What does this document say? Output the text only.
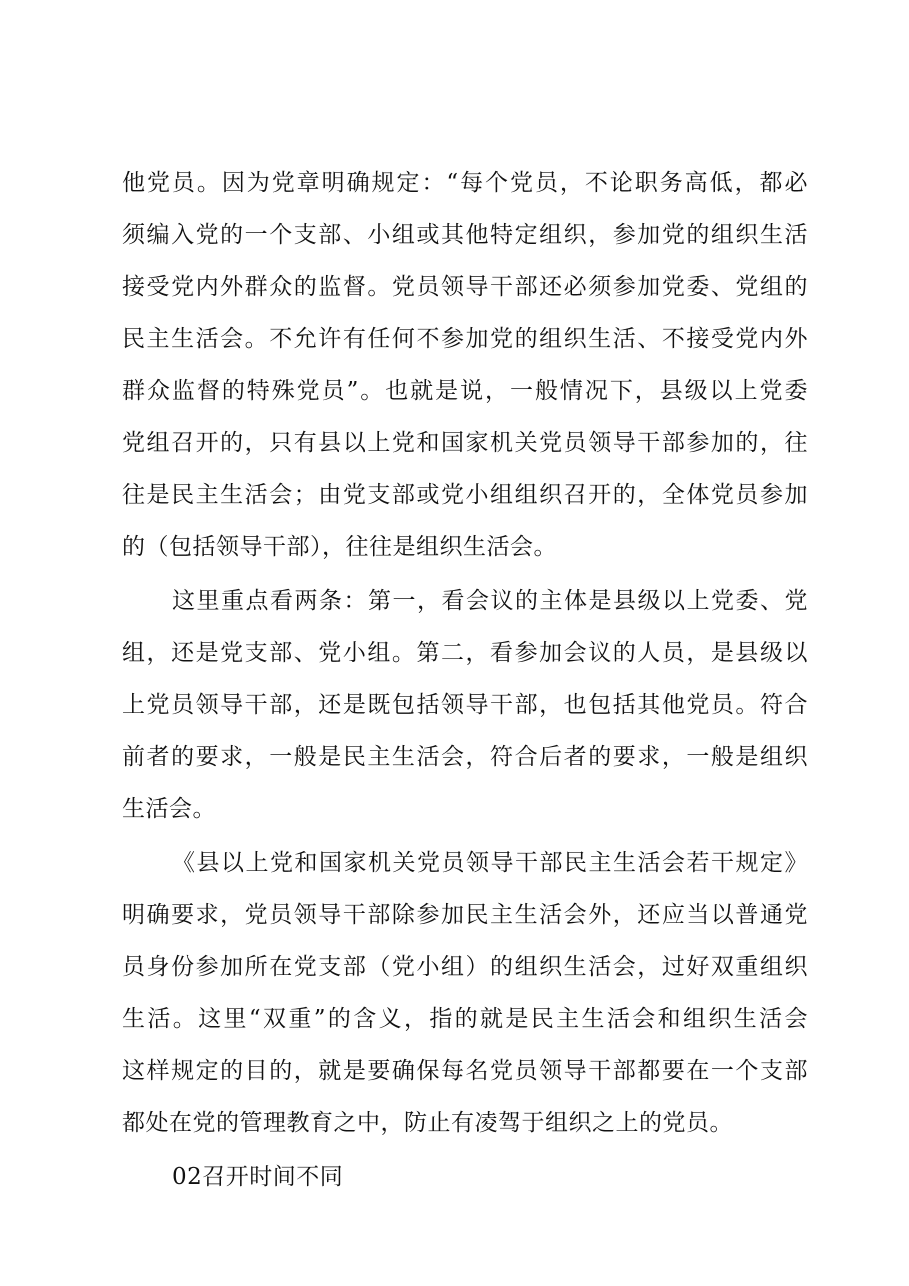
他党员。因为党章明确规定：“每个党员，不论职务高低，都必
须编入党的一个支部、小组或其他特定组织，参加党的组织生活
接受党内外群众的监督。党员领导干部还必须参加党委、党组的
民主生活会。不允许有任何不参加党的组织生活、不接受党内外
群众监督的特殊党员”。也就是说，一般情况下，县级以上党委
党组召开的，只有县以上党和国家机关党员领导干部参加的，往
往是民主生活会；由党支部或党小组组织召开的，全体党员参加
的（包括领导干部），往往是组织生活会。
这里重点看两条：第一，看会议的主体是县级以上党委、党
组，还是党支部、党小组。第二，看参加会议的人员，是县级以
上党员领导干部，还是既包括领导干部，也包括其他党员。符合
前者的要求，一般是民主生活会，符合后者的要求，一般是组织
生活会。
《县以上党和国家机关党员领导干部民主生活会若干规定》
明确要求，党员领导干部除参加民主生活会外，还应当以普通党
员身份参加所在党支部（党小组）的组织生活会，过好双重组织
生活。这里“双重”的含义，指的就是民主生活会和组织生活会
这样规定的目的，就是要确保每名党员领导干部都要在一个支部
都处在党的管理教育之中，防止有凌驾于组织之上的党员。
02召开时间不同
